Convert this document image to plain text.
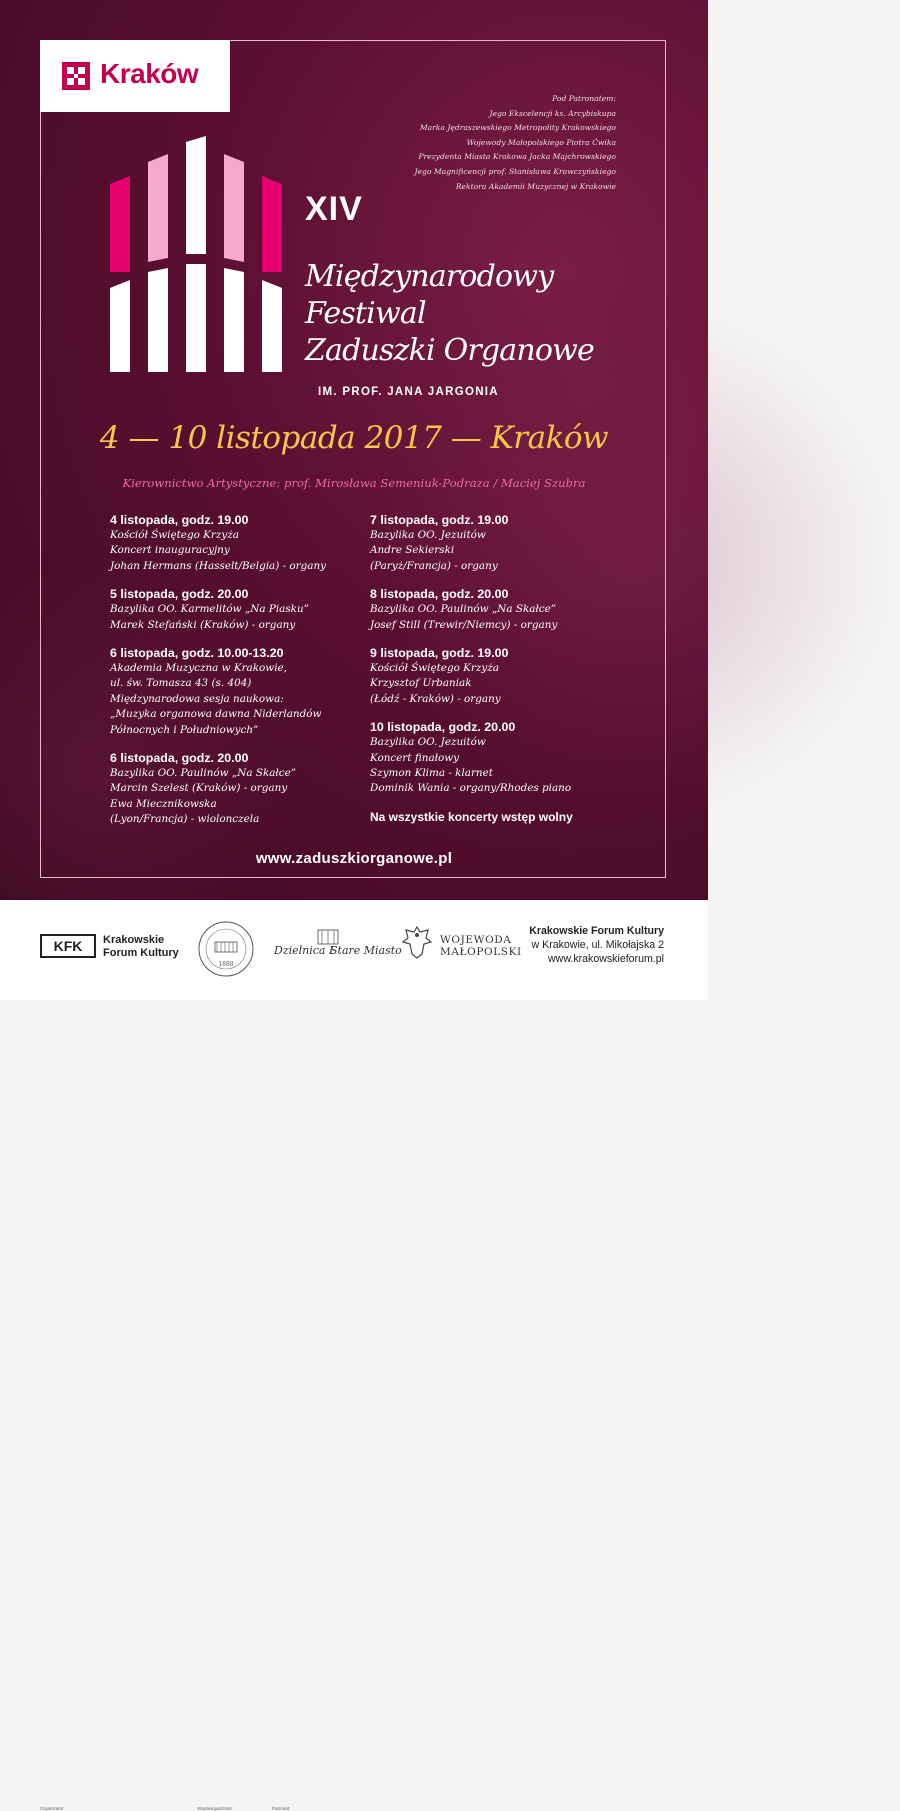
Kraków
Pod Patronatem:
Jego Ekscelencji ks. Arcybiskupa
Marka Jędraszewskiego Metropolity Krakowskiego
Wojewody Małopolskiego Piotra Ćwika
Prezydenta Miasta Krakowa Jacka Majchrowskiego
Jego Magnificencji prof. Stanisława Krawczyńskiego
Rektora Akademii Muzycznej w Krakowie
XIV
Międzynarodowy
Festiwal
Zaduszki Organowe
IM. PROF. JANA JARGONIA
4 — 10 listopada 2017 — Kraków
Kierownictwo Artystyczne: prof. Mirosława Semeniuk-Podraza / Maciej Szubra
4 listopada, godz. 19.00
Kościół Świętego Krzyża
Koncert inauguracyjny
Johan Hermans (Hasselt/Belgia) - organy
5 listopada, godz. 20.00
Bazylika OO. Karmelitów „Na Piasku”
Marek Stefański (Kraków) - organy
6 listopada, godz. 10.00-13.20
Akademia Muzyczna w Krakowie,
ul. św. Tomasza 43 (s. 404)
Międzynarodowa sesja naukowa:
„Muzyka organowa dawna Niderlandów
Północnych i Południowych”
6 listopada, godz. 20.00
Bazylika OO. Paulinów „Na Skałce”
Marcin Szelest (Kraków) - organy
Ewa Miecznikowska
(Lyon/Francja) - wiolonczela
7 listopada, godz. 19.00
Bazylika OO. Jezuitów
Andre Sekierski
(Paryż/Francja) - organy
8 listopada, godz. 20.00
Bazylika OO. Paulinów „Na Skałce”
Josef Still (Trewir/Niemcy) - organy
9 listopada, godz. 19.00
Kościół Świętego Krzyża
Krzysztof Urbaniak
(Łódź - Kraków) - organy
10 listopada, godz. 20.00
Bazylika OO. Jezuitów
Koncert finałowy
Szymon Klima - klarnet
Dominik Wania - organy/Rhodes piano
Na wszystkie koncerty wstęp wolny
www.zaduszkiorganowe.pl
Organizator:	Współorganizator:	Patronat:
KFK Krakowskie
Forum Kultury
1888
Dzielnica I
Stare Miasto
WOJEWODA
MAŁOPOLSKI
Krakowskie Forum Kultury
w Krakowie, ul. Mikołajska 2
www.krakowskieforum.pl
